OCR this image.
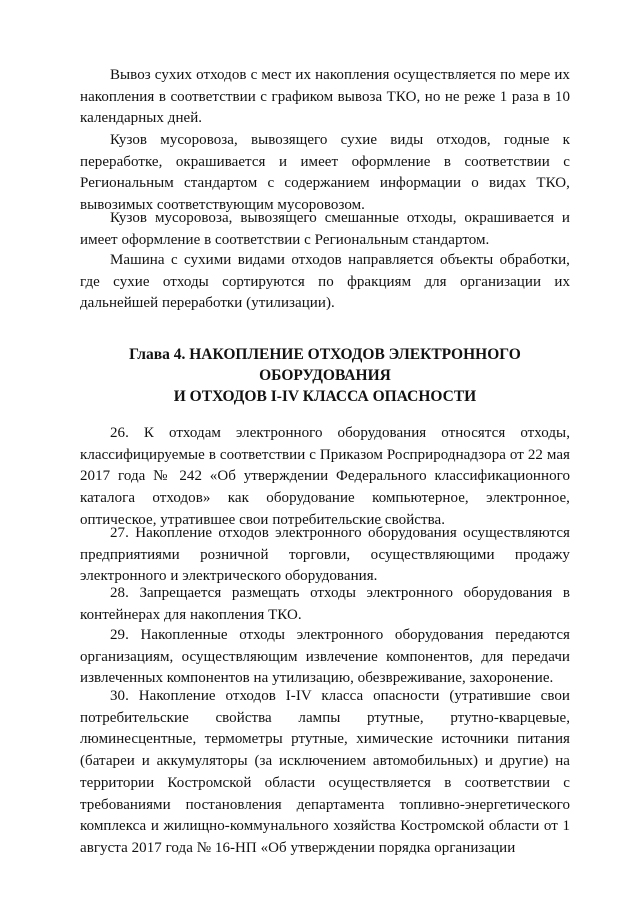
Вывоз сухих отходов с мест их накопления осуществляется по мере их накопления в соответствии с графиком вывоза ТКО, но не реже 1 раза в 10 календарных дней.

Кузов мусоровоза, вывозящего сухие виды отходов, годные к переработке, окрашивается и имеет оформление в соответствии с Региональным стандартом с содержанием информации о видах ТКО, вывозимых соответствующим мусоровозом.

Кузов мусоровоза, вывозящего смешанные отходы, окрашивается и имеет оформление в соответствии с Региональным стандартом.

Машина с сухими видами отходов направляется объекты обработки, где сухие отходы сортируются по фракциям для организации их дальнейшей переработки (утилизации).

Глава 4. НАКОПЛЕНИЕ ОТХОДОВ ЭЛЕКТРОННОГО
ОБОРУДОВАНИЯ
И ОТХОДОВ I-IV КЛАССА ОПАСНОСТИ

26. К отходам электронного оборудования относятся отходы, классифицируемые в соответствии с Приказом Росприроднадзора от 22 мая 2017 года № 242 «Об утверждении Федерального классификационного каталога отходов» как оборудование компьютерное, электронное, оптическое, утратившее свои потребительские свойства.

27. Накопление отходов электронного оборудования осуществляются предприятиями розничной торговли, осуществляющими продажу электронного и электрического оборудования.

28. Запрещается размещать отходы электронного оборудования в контейнерах для накопления ТКО.

29. Накопленные отходы электронного оборудования передаются организациям, осуществляющим извлечение компонентов, для передачи извлеченных компонентов на утилизацию, обезвреживание, захоронение.

30. Накопление отходов I-IV класса опасности (утратившие свои потребительские свойства лампы ртутные, ртутно-кварцевые, люминесцентные, термометры ртутные, химические источники питания (батареи и аккумуляторы (за исключением автомобильных) и другие) на территории Костромской области осуществляется в соответствии с требованиями постановления департамента топливно-энергетического комплекса и жилищно-коммунального хозяйства Костромской области от 1 августа 2017 года № 16-НП «Об утверждении порядка организации
